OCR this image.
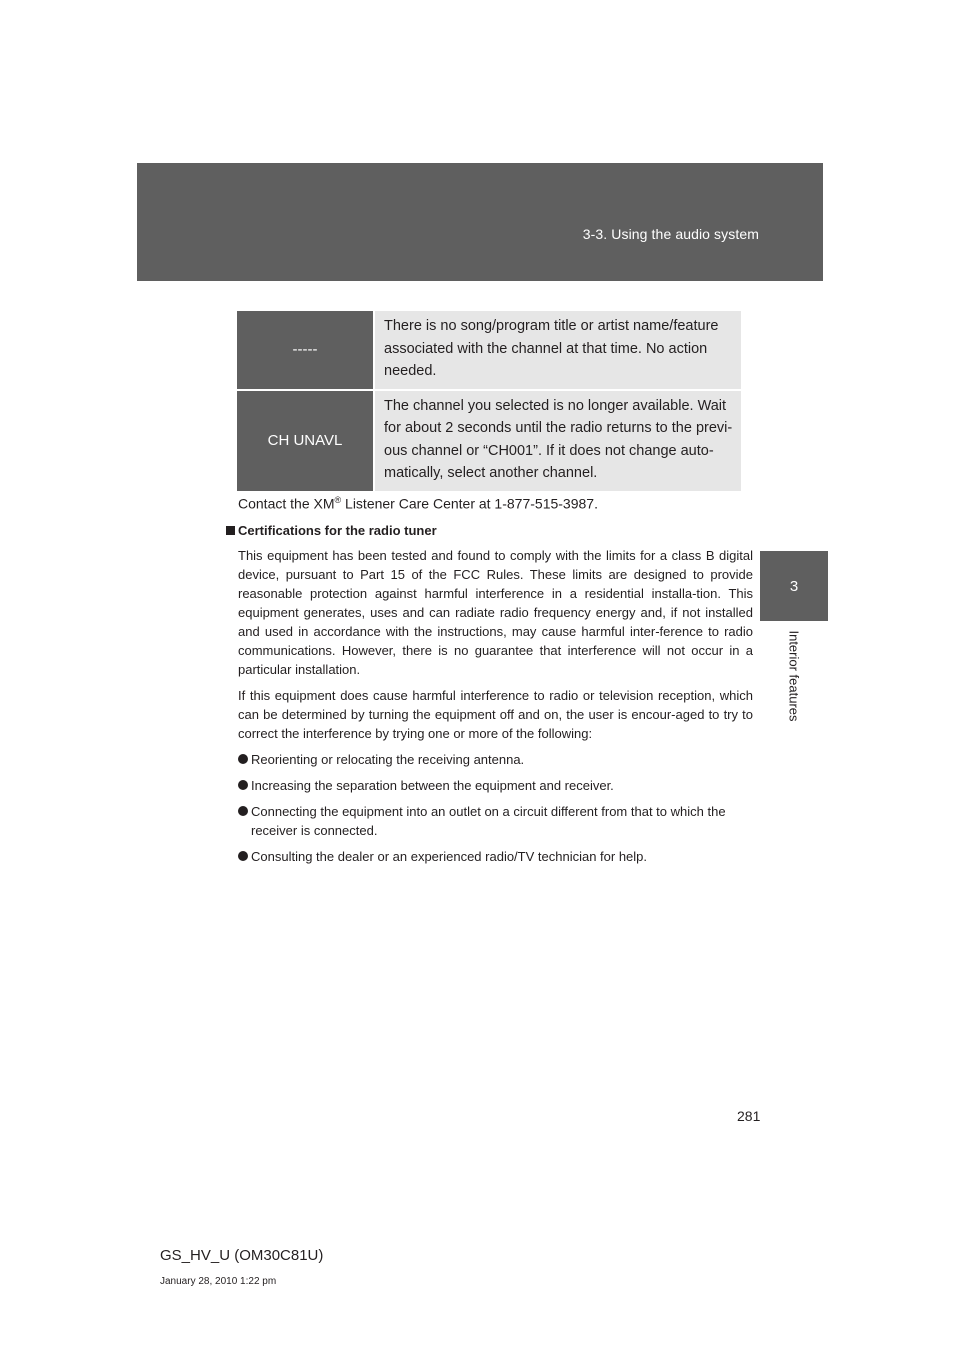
3-3. Using the audio system
3
Interior features
-----	There is no song/program title or artist name/feature associated with the channel at that time. No action needed.
CH UNAVL	The channel you selected is no longer available. Wait for about 2 seconds until the radio returns to the previ-ous channel or “CH001”. If it does not change auto-matically, select another channel.

Contact the XM® Listener Care Center at 1-877-515-3987.

Certifications for the radio tuner

This equipment has been tested and found to comply with the limits for a class B digital device, pursuant to Part 15 of the FCC Rules. These limits are designed to provide reasonable protection against harmful interference in a residential installa-tion. This equipment generates, uses and can radiate radio frequency energy and, if not installed and used in accordance with the instructions, may cause harmful inter-ference to radio communications. However, there is no guarantee that interference will not occur in a particular installation.

If this equipment does cause harmful interference to radio or television reception, which can be determined by turning the equipment off and on, the user is encour-aged to try to correct the interference by trying one or more of the following:

Reorienting or relocating the receiving antenna.
Increasing the separation between the equipment and receiver.
Connecting the equipment into an outlet on a circuit different from that to which the receiver is connected.
Consulting the dealer or an experienced radio/TV technician for help.
281
GS_HV_U (OM30C81U)
January 28, 2010 1:22 pm
